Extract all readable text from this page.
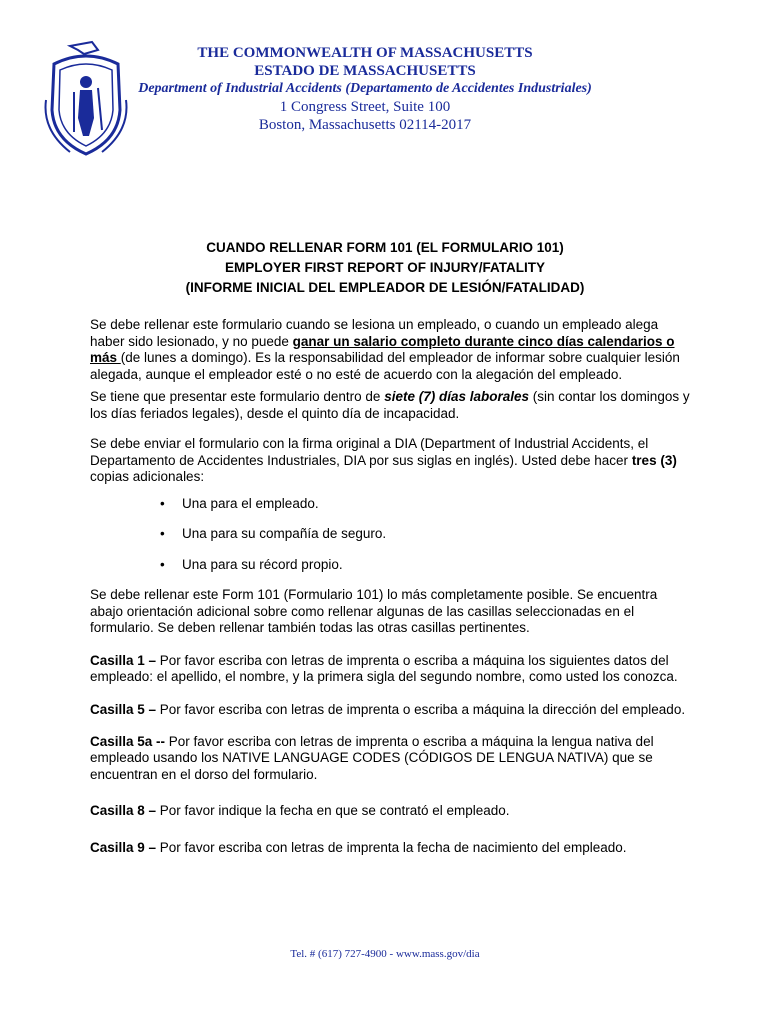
THE COMMONWEALTH OF MASSACHUSETTS
ESTADO DE MASSACHUSETTS
Department of Industrial Accidents (Departamento de Accidentes Industriales)
1 Congress Street, Suite 100
Boston, Massachusetts 02114-2017
CUANDO RELLENAR FORM 101 (EL FORMULARIO 101)
EMPLOYER FIRST REPORT OF INJURY/FATALITY
(INFORME INICIAL DEL EMPLEADOR DE LESIÓN/FATALIDAD)

Se debe rellenar este formulario cuando se lesiona un empleado, o cuando un empleado alega haber sido lesionado, y no puede ganar un salario completo durante cinco días calendarios o más (de lunes a domingo). Es la responsabilidad del empleador de informar sobre cualquier lesión alegada, aunque el empleador esté o no esté de acuerdo con la alegación del empleado.

Se tiene que presentar este formulario dentro de siete (7) días laborales (sin contar los domingos y los días feriados legales), desde el quinto día de incapacidad.

Se debe enviar el formulario con la firma original a DIA (Department of Industrial Accidents, el Departamento de Accidentes Industriales, DIA por sus siglas en inglés). Usted debe hacer tres (3) copias adicionales:

• Una para el empleado.
• Una para su compañía de seguro.
• Una para su récord propio.

Se debe rellenar este Form 101 (Formulario 101) lo más completamente posible. Se encuentra abajo orientación adicional sobre como rellenar algunas de las casillas seleccionadas en el formulario. Se deben rellenar también todas las otras casillas pertinentes.

Casilla 1 – Por favor escriba con letras de imprenta o escriba a máquina los siguientes datos del empleado: el apellido, el nombre, y la primera sigla del segundo nombre, como usted los conozca.

Casilla 5 – Por favor escriba con letras de imprenta o escriba a máquina la dirección del empleado.

Casilla 5a -- Por favor escriba con letras de imprenta o escriba a máquina la lengua nativa del empleado usando los NATIVE LANGUAGE CODES (CÓDIGOS DE LENGUA NATIVA) que se encuentran en el dorso del formulario.

Casilla 8 – Por favor indique la fecha en que se contrató el empleado.

Casilla 9 – Por favor escriba con letras de imprenta la fecha de nacimiento del empleado.

Tel. # (617) 727-4900 - www.mass.gov/dia
